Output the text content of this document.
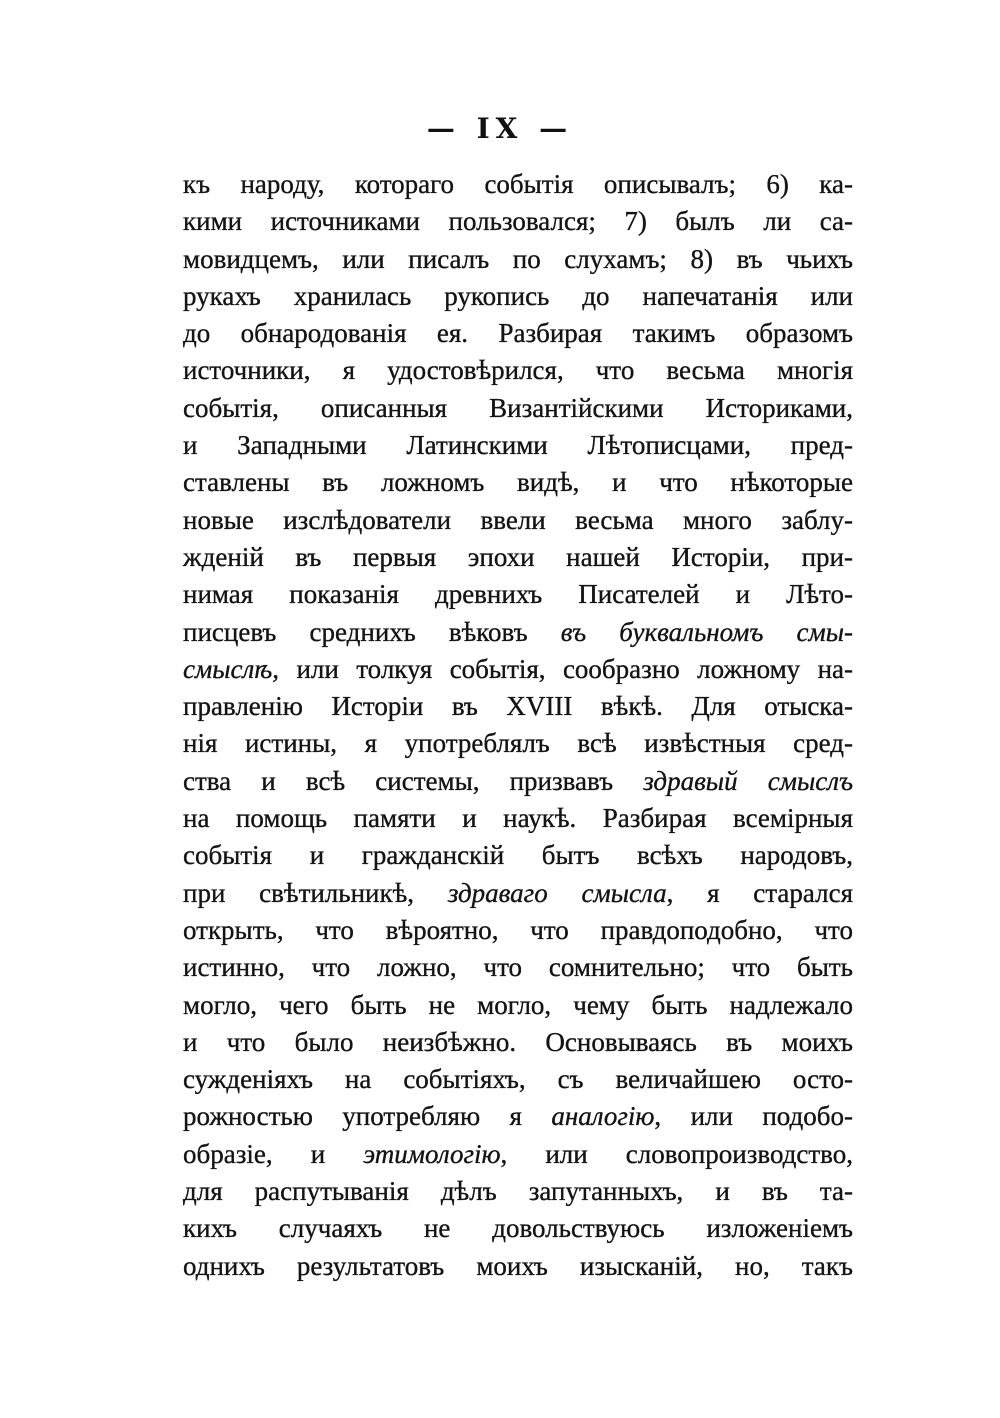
— IX —
къ народу, котораго событія описывалъ; 6) ка-
кими источниками пользовался; 7) былъ ли са-
мовидцемъ, или писалъ по слухамъ; 8) въ чьихъ
рукахъ хранилась рукопись до напечатанія или
до обнародованія ея. Разбирая такимъ образомъ
источники, я удостовѣрился, что весьма многія
событія, описанныя Византійскими Историками,
и Западными Латинскими Лѣтописцами, пред-
ставлены въ ложномъ видѣ, и что нѣкоторые
новые изслѣдователи ввели весьма много заблу-
жденій въ первыя эпохи нашей Исторіи, при-
нимая показанія древнихъ Писателей и Лѣто-
писцевъ среднихъ вѣковъ въ буквальномъ смы-
смыслѣ, или толкуя событія, сообразно ложному на-
правленію Исторіи въ XVIII вѣкѣ. Для отыска-
нія истины, я употреблялъ всѣ извѣстныя сред-
ства и всѣ системы, призвавъ здравый смыслъ
на помощь памяти и наукѣ. Разбирая всемірныя
событія и гражданскій бытъ всѣхъ народовъ,
при свѣтильникѣ, здраваго смысла, я старался
открыть, что вѣроятно, что правдоподобно, что
истинно, что ложно, что сомнительно; что быть
могло, чего быть не могло, чему быть надлежало
и что было неизбѣжно. Основываясь въ моихъ
сужденіяхъ на событіяхъ, съ величайшею осто-
рожностью употребляю я аналогію, или подобо-
образіе, и этимологію, или словопроизводство,
для распутыванія дѣлъ запутанныхъ, и въ та-
кихъ случаяхъ не довольствуюсь изложеніемъ
однихъ результатовъ моихъ изысканій, но, такъ
